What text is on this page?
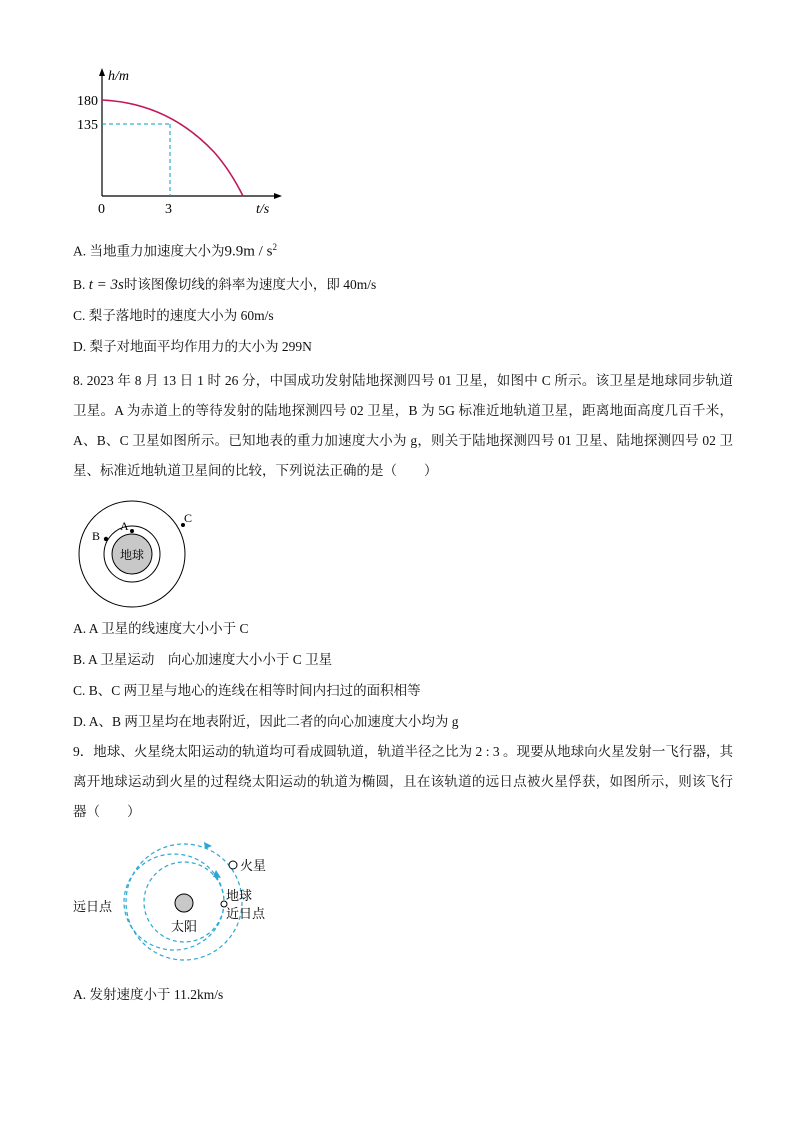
h/m
180
135
0	3	t/s
A. 当地重力加速度大小为$9.9m / s^2$
B. t = 3s时该图像切线的斜率为速度大小，即 40m/s
C. 梨子落地时的速度大小为 60m/s
D. 梨子对地面平均作用力的大小为 299N
8. 2023 年 8 月 13 日 1 时 26 分，中国成功发射陆地探测四号 01 卫星，如图中 C 所示。该卫星是地球同步轨道卫星。A 为赤道上的等待发射的陆地探测四号 02 卫星，B 为 5G 标准近地轨道卫星，距离地面高度几百千米，A、B、C 卫星如图所示。已知地表的重力加速度大小为 g，则关于陆地探测四号 01 卫星、陆地探测四号 02 卫星、标准近地轨道卫星间的比较，下列说法正确的是（　　）
地球
A
B
C
A. A 卫星的线速度大小小于 C
B. A 卫星运动　向心加速度大小小于 C 卫星
C. B、C 两卫星与地心的连线在相等时间内扫过的面积相等
D. A、B 两卫星均在地表附近，因此二者的向心加速度大小均为 g
9．地球、火星绕太阳运动的轨道均可看成圆轨道，轨道半径之比为 2 : 3 。现要从地球向火星发射一飞行器，其离开地球运动到火星的过程绕太阳运动的轨道为椭圆，且在该轨道的远日点被火星俘获，如图所示，则该飞行器（　　）
太阳
火星
地球
近日点
远日点
A. 发射速度小于 11.2km/s
